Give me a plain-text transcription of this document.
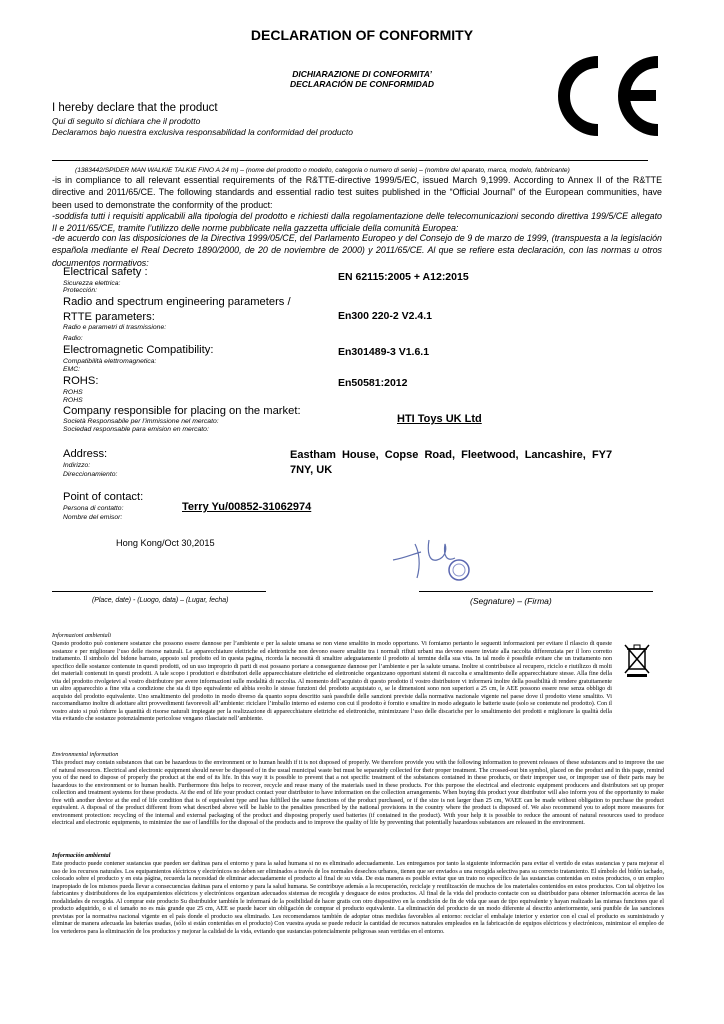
DECLARATION OF CONFORMITY
DICHIARAZIONE DI CONFORMITA’
DECLARACIÓN DE CONFORMIDAD
I hereby declare that the product
Qui di seguito si dichiara che il prodotto
Declaramos bajo nuestra exclusiva responsabilidad la conformidad del producto
(1383442/SPIDER MAN WALKIE TALKIE FINO A 24 m) – (nome del prodotto o modello, categoria o numero di serie) – (nombre del aparato, marca, modelo, fabbricante)
-is in compliance to all relevant essential requirements of the R&TTE-directive 1999/5/EC, issued March 9,1999. According to Annex II of the R&TTE directive and 2011/65/CE. The following standards and essential radio test suites published in the “Official Journal” of the European communities, have been used to demonstrate the conformity of the product:
-soddisfa tutti i requisiti applicabili alla tipologia del prodotto e richiesti dalla regolamentazione delle telecomunicazioni secondo direttiva 199/5/CE allegato II e 2011/65/CE, tramite l’utilizzo delle norme pubblicate nella gazzetta ufficiale della comunità Europea:
-de acuerdo con las disposiciones de la Directiva 1999/05/CE, del Parlamento Europeo y del Consejo de 9 de marzo de 1999, (transpuesta a la legislación española mediante el Real Decreto 1890/2000, de 20 de noviembre de 2000) y 2011/65/CE. Al que se refiere esta declaración, con las normas u otros documentos normativos:
Electrical safety :
Sicurezza elettrica:
Protección:
EN 62115:2005 + A12:2015
Radio and spectrum engineering parameters /
RTTE parameters:
Radio e parametri di trasmissione:
Radio:
En300 220-2 V2.4.1
Electromagnetic Compatibility:
Compatibilità elettromagnetica:
EMC:
En301489-3 V1.6.1
ROHS:
ROHS
ROHS
En50581:2012
Company responsible for placing on the market:
Società Responsabile per l’immissione nel mercato:
Sociedad responsable para emision en mercato:
HTI Toys UK Ltd
Address:
Indirizzo:
Direccionamiento:
Eastham  House,  Copse  Road,  Fleetwood,  Lancashire,  FY7
7NY, UK
Point of contact:
Persona di contatto:
Nombre del emisor:
Terry Yu/00852-31062974
Hong Kong/Oct 30,2015
(Place, date) - (Luogo, data) – (Lugar, fecha)	(Segnature) – (Firma)
Informazioni ambientali
Questo prodotto può contenere sostanze che possono essere dannose per l’ambiente e per la salute umana se non viene smaltito in modo opportuno. Vi forniamo pertanto le seguenti informazioni per evitare il rilascio di queste sostanze e per migliorare l’uso delle risorse naturali. Le apparecchiature elettriche ed elettroniche non devono essere smaltite tra i normali rifiuti urbani ma devono essere inviate alla raccolta differenziata per il loro corretto trattamento. Il simbolo del bidone barrato, apposto sul prodotto ed in questa pagina, ricorda la necessità di smaltire adeguatamente il prodotto al termine della sua vita. In tal modo è possibile evitare che un trattamento non specifico delle sostanze contenute in questi prodotti, od un uso improprio di parti di essi possano portare a conseguenze dannose per l’ambiente e per la salute umana. Inoltre si contribuisce al recupero, riciclo e riutilizzo di molti dei materiali contenuti in questi prodotti. A tale scopo i produttori e distributori delle apparecchiature elettriche ed elettroniche organizzano opportuni sistemi di raccolta e smaltimento delle apparecchiature stesse. Alla fine della vita del prodotto rivolgetevi al vostro distributore per avere informazioni sulle modalità di raccolta. Al momento dell’acquisto di questo prodotto il vostro distributore vi informerà inoltre della possibilità di rendere gratuitamente un altro apparecchio a fine vita a condizione che sia di tipo equivalente ed abbia svolto le stesse funzioni del prodotto acquistato o, se le dimensioni sono non superiori a 25 cm, le AEE possono essere rese senza obbligo di acquisto del prodotto equivalente. Uno smaltimento del prodotto in modo diverso da quanto sopra descritto sarà passibile delle sanzioni previste dalla normativa nazionale vigente nel paese dove il prodotto viene smaltito. Vi raccomandiamo inoltre di adottare altri provvedimenti favorevoli all’ambiente: riciclare l’imballo interno ed esterno con cui il prodotto è fornito e smaltire in modo adeguato le batterie usate (solo se contenute nel prodotto). Con il vostro aiuto si può ridurre la quantità di risorse naturali impiegate per la realizzazione di apparecchiature elettriche ed elettroniche, minimizzare l’uso delle discariche per lo smaltimento dei prodotti e migliorare la qualità della vita evitando che sostanze potenzialmente pericolose vengano rilasciate nell’ambiente.
Environmental information
This product may contain substances that can be hazardous to the environment or to human health if it is not disposed of properly. We therefore provide you with the following information to prevent releases of these substances and to improve the use of natural resources. Electrical and electronic equipment should never be disposed of in the usual municipal waste but must be separately collected for their proper treatment. The crossed-out bin symbol, placed on the product and in this page, remind you of the need to dispose of properly the product at the end of its life. In this way it is possible to prevent that a not specific treatment of the substances contained in these products, or their improper use, or improper use of their parts may be hazardous to the environment or to human health. Furthermore this helps to recover, recycle and reuse many of the materials used in these products. For this purpose the electrical and electronic equipment producers and distributors set up proper collection and treatment systems for these products. At the end of life your product contact your distributor to have information on the collection arrangements. When buying this product your distributor will also inform you of the opportunity to make free with another device at the end of life condition that is of equivalent type and has fulfilled the same functions of the product purchased, or if the size is not larger than 25 cm, WAEE can be made without obligation to purchase the product equivalent. A disposal of the product different from what described above will be liable to the penalties prescribed by the national provisions in the country where the product is disposed of. We also recommend you to adopt more measures for environment protection: recycling of the internal and external packaging of the product and disposing properly used batteries (if contained in the product). With your help it is possible to reduce the amount of natural resources used to produce electrical and electronic equipments, to minimize the use of landfills for the disposal of the products and to improve the quality of life by preventing that potentially hazardous substances are released in the environment.
Información ambiental
Este producto puede contener sustancias que pueden ser dañinas para el entorno y para la salud humana si no es eliminado adecuadamente. Les entregamos por tanto la siguiente información para evitar el vertido de estas sustancias y para mejorar el uso de los recursos naturales. Los equipamientos eléctricos y electrónicos no deben ser eliminados a través de los normales desechos urbanos, tienen que ser enviados a una recogida selectiva para su correcto tratamiento. El símbolo del bidón tachado, colocado sobre el producto y en esta página, recuerda la necesidad de eliminar adecuadamente el producto al final de su vida. De esta manera es posible evitar que un trato no específico de las sustancias contenidas en estos productos, o un empleo inapropiado de los mismos pueda llevar a consecuencias dañinas para el entorno y para la salud humana. Se contribuye además a la recuperación, reciclaje y reutilización de muchos de los materiales contenidos en estos productos. Con tal objetivo los fabricantes y distribuidores de los equipamientos eléctricos y electrónicos organizan adecuados sistemas de recogida y desguace de estos productos. Al final de la vida del producto contacte con su distribuidor para obtener información acerca de las modalidades de recogida. Al comprar este producto Su distribuidor también le informará de la posibilidad de hacer gratis con otro dispositivo en la condición de fin de vida que sean de tipo equivalente y hayan realizado las mismas funciones que el producto adquirido, o si el tamaño no es más grande que 25 cm, AEE se puede hacer sin obligación de comprar el producto equivalente. La eliminación del producto de un modo diferente al descrito anteriormente, será punible de las sanciones previstas por la normativa nacional vigente en el país donde el producto sea eliminado. Les recomendamos también de adoptar otras medidas favorables al entorno: reciclar el embalaje interior y exterior con el cual el producto es suministrado y eliminar de manera adecuada las baterías usadas, (sólo si están contenidas en el producto) Con vuestra ayuda se puede reducir la cantidad de recursos naturales empleados en la fabricación de equipos eléctricos y electrónicos, minimizar el empleo de los vertederos para la eliminación de los productos y mejorar la calidad de la vida, evitando que sustancias potencialmente peligrosas sean vertidas en el entorno.
